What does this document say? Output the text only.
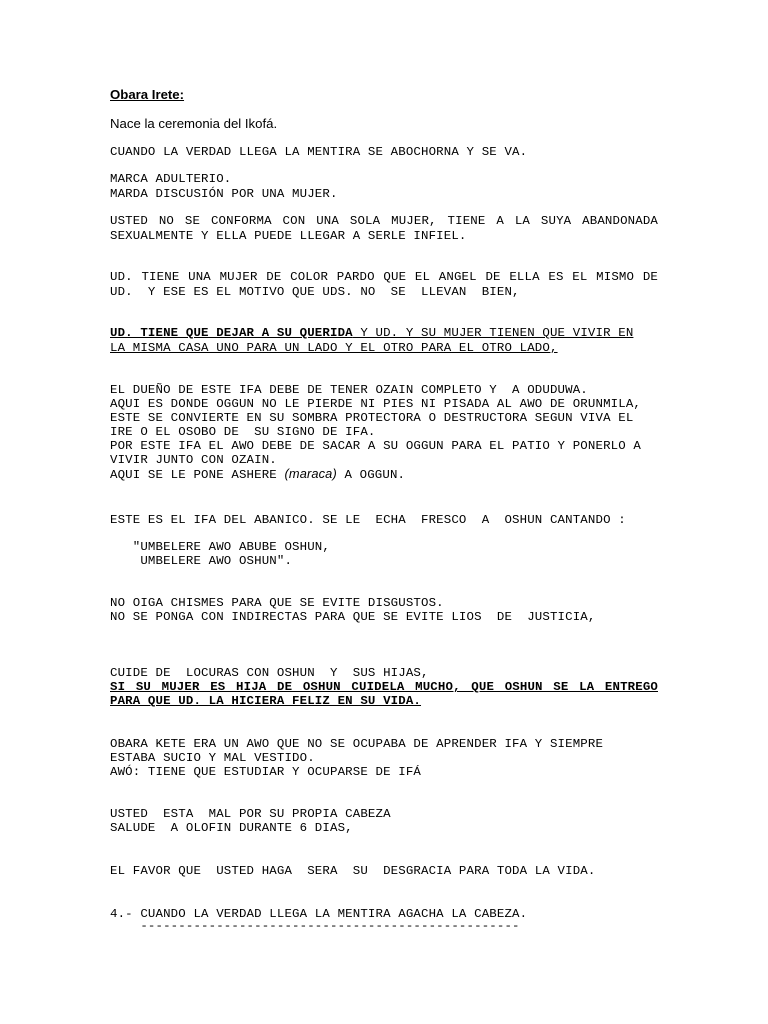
Obara Irete:
Nace la ceremonia del Ikofá.
CUANDO LA VERDAD LLEGA LA MENTIRA SE ABOCHORNA Y SE VA.
MARCA ADULTERIO.
MARDA DISCUSIÓN POR UNA MUJER.
USTED NO SE CONFORMA CON UNA SOLA MUJER, TIENE A LA SUYA ABANDONADA
SEXUALMENTE Y ELLA PUEDE LLEGAR A SERLE INFIEL.
UD. TIENE UNA MUJER DE COLOR PARDO QUE EL ANGEL DE ELLA ES EL MISMO DE
UD.  Y ESE ES EL MOTIVO QUE UDS. NO  SE  LLEVAN  BIEN,
UD. TIENE QUE DEJAR A SU QUERIDA Y UD. Y SU MUJER TIENEN QUE VIVIR EN
LA MISMA CASA UNO PARA UN LADO Y EL OTRO PARA EL OTRO LADO,
EL DUEÑO DE ESTE IFA DEBE DE TENER OZAIN COMPLETO Y  A ODUDUWA.
AQUI ES DONDE OGGUN NO LE PIERDE NI PIES NI PISADA AL AWO DE ORUNMILA,
ESTE SE CONVIERTE EN SU SOMBRA PROTECTORA O DESTRUCTORA SEGUN VIVA EL
IRE O EL OSOBO DE  SU SIGNO DE IFA.
POR ESTE IFA EL AWO DEBE DE SACAR A SU OGGUN PARA EL PATIO Y PONERLO A
VIVIR JUNTO CON OZAIN.
AQUI SE LE PONE ASHERE (maraca) A OGGUN.
ESTE ES EL IFA DEL ABANICO. SE LE  ECHA  FRESCO  A  OSHUN CANTANDO :
"UMBELERE AWO ABUBE OSHUN,
UMBELERE AWO OSHUN".
NO OIGA CHISMES PARA QUE SE EVITE DISGUSTOS.
NO SE PONGA CON INDIRECTAS PARA QUE SE EVITE LIOS  DE  JUSTICIA,
CUIDE DE  LOCURAS CON OSHUN  Y  SUS HIJAS,
SI SU MUJER ES HIJA DE OSHUN CUIDELA MUCHO, QUE OSHUN SE LA ENTREGO
PARA QUE UD. LA HICIERA FELIZ EN SU VIDA.
OBARA KETE ERA UN AWO QUE NO SE OCUPABA DE APRENDER IFA Y SIEMPRE
ESTABA SUCIO Y MAL VESTIDO.
AWÓ: TIENE QUE ESTUDIAR Y OCUPARSE DE IFÁ
USTED  ESTA  MAL POR SU PROPIA CABEZA
SALUDE  A OLOFIN DURANTE 6 DIAS,
EL FAVOR QUE  USTED HAGA  SERA  SU  DESGRACIA PARA TODA LA VIDA.
4.- CUANDO LA VERDAD LLEGA LA MENTIRA AGACHA LA CABEZA.
--------------------------------------------------
